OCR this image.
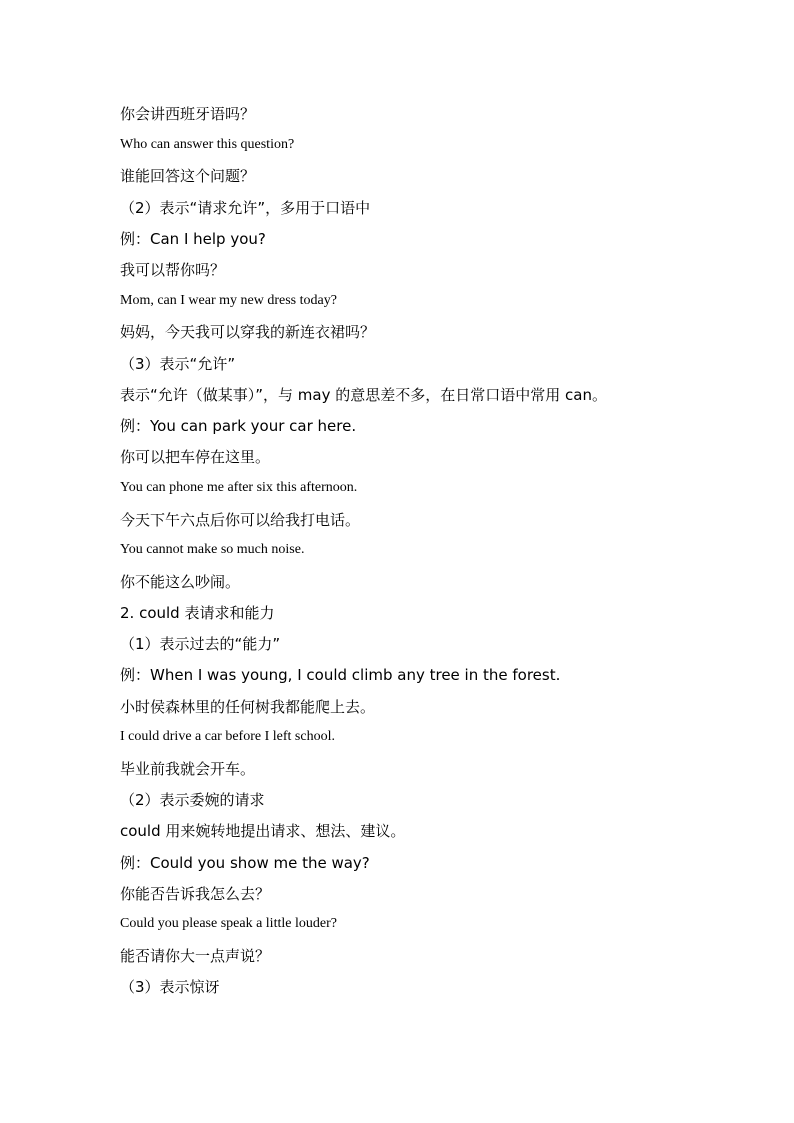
你会讲西班牙语吗？

Who can answer this question?

谁能回答这个问题？

（2）表示“请求允许”，多用于口语中

例：Can I help you?

我可以帮你吗？

Mom, can I wear my new dress today?

妈妈，今天我可以穿我的新连衣裙吗？

（3）表示“允许”

表示“允许（做某事）”，与 may 的意思差不多，在日常口语中常用 can。

例：You can park your car here.

你可以把车停在这里。

You can phone me after six this afternoon.

今天下午六点后你可以给我打电话。

You cannot make so much noise.

你不能这么吵闹。

2. could 表请求和能力

（1）表示过去的“能力”

例：When I was young, I could climb any tree in the forest.

小时侯森林里的任何树我都能爬上去。

I could drive a car before I left school.

毕业前我就会开车。

（2）表示委婉的请求

could 用来婉转地提出请求、想法、建议。

例：Could you show me the way?

你能否告诉我怎么去？

Could you please speak a little louder?

能否请你大一点声说？

（3）表示惊讶
